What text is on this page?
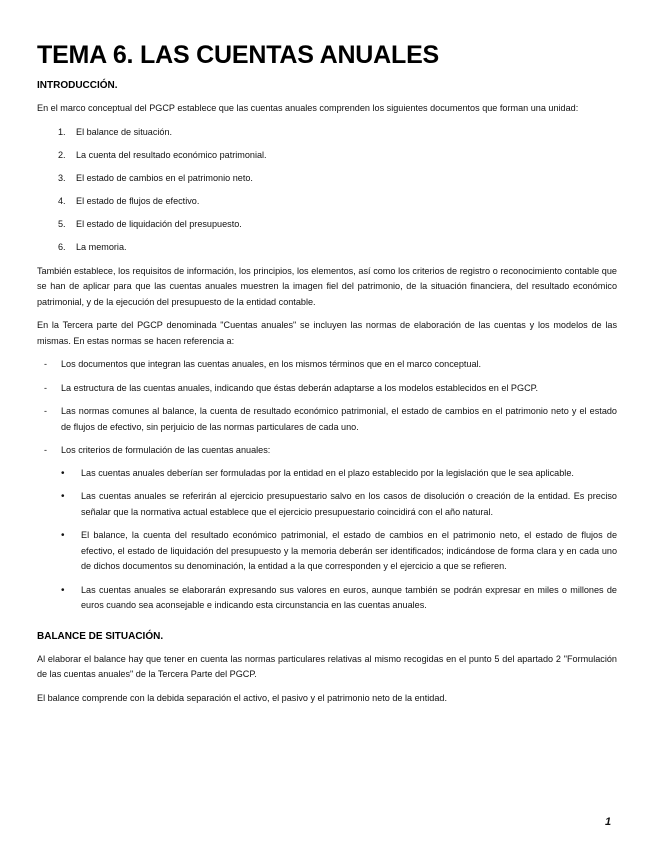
TEMA 6. LAS CUENTAS ANUALES
INTRODUCCIÓN.

En el marco conceptual del PGCP establece que las cuentas anuales comprenden los siguientes documentos que forman una unidad:

1.	El balance de situación.
2.	La cuenta del resultado económico patrimonial.
3.	El estado de cambios en el patrimonio neto.
4.	El estado de flujos de efectivo.
5.	El estado de liquidación del presupuesto.
6.	La memoria.

También establece, los requisitos de información, los principios, los elementos, así como los criterios de registro o reconocimiento contable que se han de aplicar para que las cuentas anuales muestren la imagen fiel del patrimonio, de la situación financiera, del resultado económico patrimonial, y de la ejecución del presupuesto de la entidad contable.

En la Tercera parte del PGCP denominada "Cuentas anuales" se incluyen las normas de elaboración de las cuentas y los modelos de las mismas. En estas normas se hacen referencia a:

-	Los documentos que integran las cuentas anuales, en los mismos términos que en el marco conceptual.
-	La estructura de las cuentas anuales, indicando que éstas deberán adaptarse a los modelos establecidos en el PGCP.
-	Las normas comunes al balance, la cuenta de resultado económico patrimonial, el estado de cambios en el patrimonio neto y el estado de flujos de efectivo, sin perjuicio de las normas particulares de cada uno.
-	Los criterios de formulación de las cuentas anuales:
•	Las cuentas anuales deberían ser formuladas por la entidad en el plazo establecido por la legislación que le sea aplicable.
•	Las cuentas anuales se referirán al ejercicio presupuestario salvo en los casos de disolución o creación de la entidad. Es preciso señalar que la normativa actual establece que el ejercicio presupuestario coincidirá con el año natural.
•	El balance, la cuenta del resultado económico patrimonial, el estado de cambios en el patrimonio neto, el estado de flujos de efectivo, el estado de liquidación del presupuesto y la memoria deberán ser identificados; indicándose de forma clara y en cada uno de dichos documentos su denominación, la entidad a la que corresponden y el ejercicio a que se refieren.
•	Las cuentas anuales se elaborarán expresando sus valores en euros, aunque también se podrán expresar en miles o millones de euros cuando sea aconsejable e indicando esta circunstancia en las cuentas anuales.
BALANCE DE SITUACIÓN.

Al elaborar el balance hay que tener en cuenta las normas particulares relativas al mismo recogidas en el punto 5 del apartado 2 "Formulación de las cuentas anuales" de la Tercera Parte del PGCP.

El balance comprende con la debida separación el activo, el pasivo y el patrimonio neto de la entidad.

1
